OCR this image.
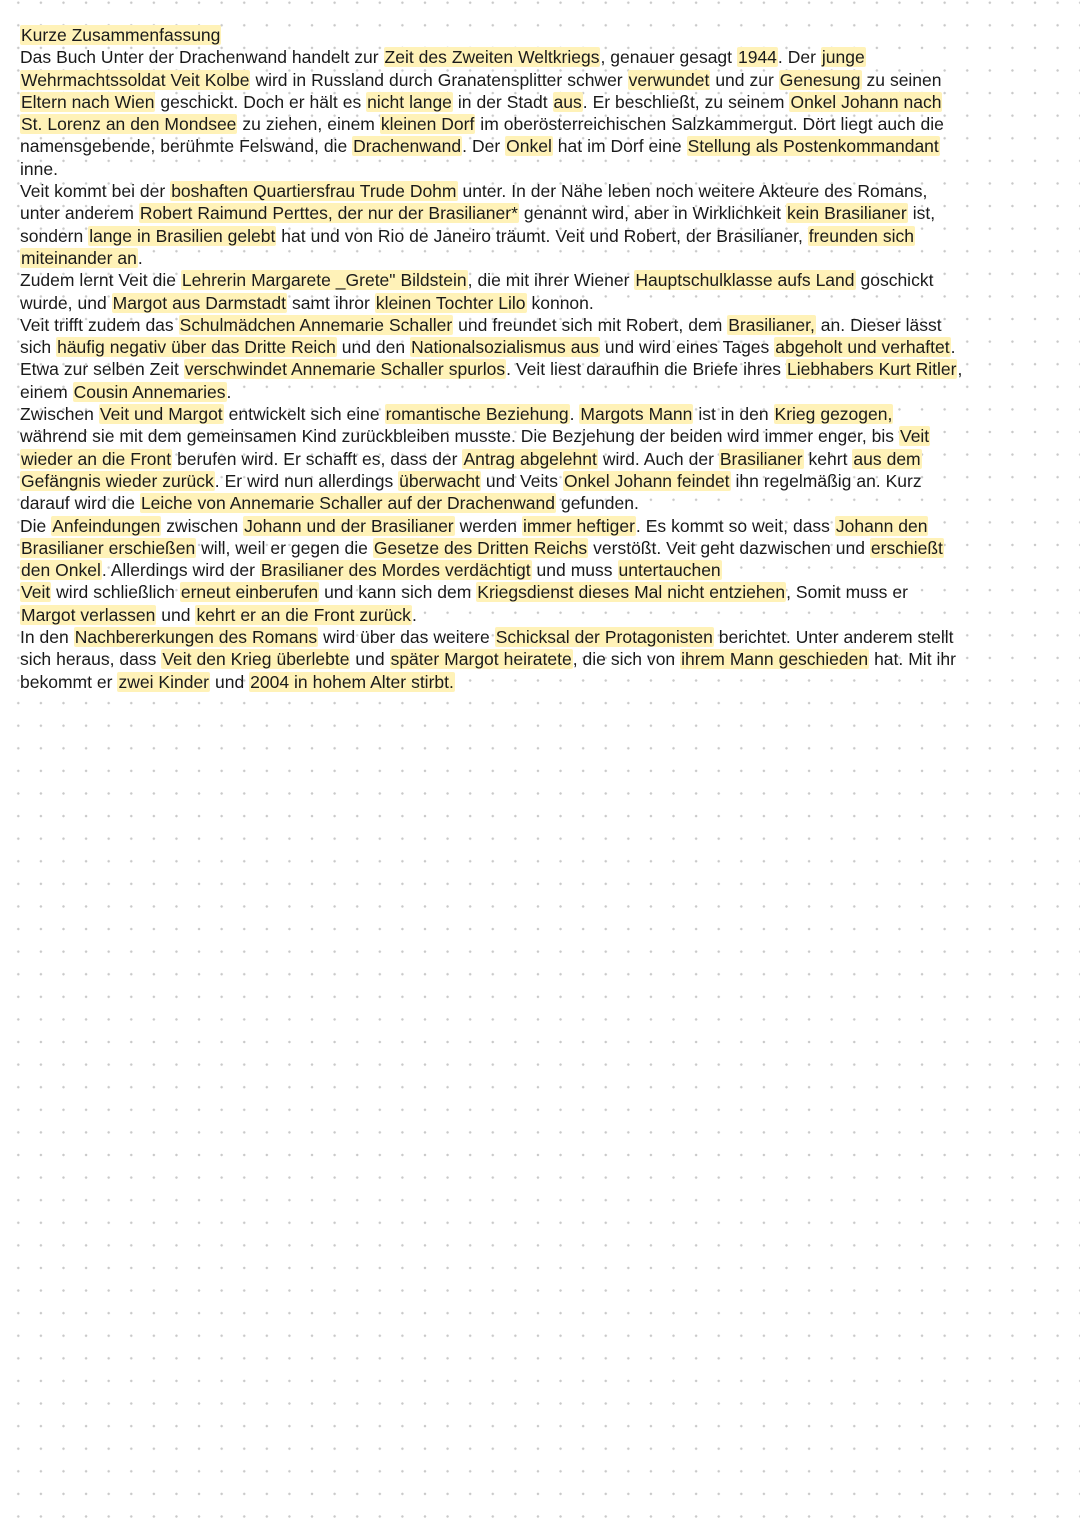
Kurze Zusammenfassung

Das Buch Unter der Drachenwand handelt zur Zeit des Zweiten Weltkriegs, genauer gesagt 1944. Der junge Wehrmachtssoldat Veit Kolbe wird in Russland durch Granatensplitter schwer verwundet und zur Genesung zu seinen Eltern nach Wien geschickt. Doch er hält es nicht lange in der Stadt aus. Er beschließt, zu seinem Onkel Johann nach St. Lorenz an den Mondsee zu ziehen, einem kleinen Dorf im oberösterreichischen Salzkammergut. Dört liegt auch die namensgebende, berühmte Felswand, die Drachenwand. Der Onkel hat im Dorf eine Stellung als Postenkommandant inne.

Veit kommt bei der boshaften Quartiersfrau Trude Dohm unter. In der Nähe leben noch weitere Akteure des Romans, unter anderem Robert Raimund Perttes, der nur der Brasilianer* genannt wird, aber in Wirklichkeit kein Brasilianer ist, sondern lange in Brasilien gelebt hat und von Rio de Janeiro träumt. Veit und Robert, der Brasilianer, freunden sich miteinander an.

Zudem lernt Veit die Lehrerin Margarete _Grete" Bildstein, die mit ihrer Wiener Hauptschulklasse aufs Land goschickt wurde, und Margot aus Darmstadt samt ihror kleinen Tochter Lilo konnon.

Veit trifft zudem das Schulmädchen Annemarie Schaller und freundet sich mit Robert, dem Brasilianer, an. Dieser lässt sich häufig negativ über das Dritte Reich und den Nationalsozialismus aus und wird eines Tages abgeholt und verhaftet. Etwa zur selben Zeit verschwindet Annemarie Schaller spurlos. Veit liest daraufhin die Briefe ihres Liebhabers Kurt Ritler, einem Cousin Annemaries.

Zwischen Veit und Margot entwickelt sich eine romantische Beziehung. Margots Mann ist in den Krieg gezogen, während sie mit dem gemeinsamen Kind zurückbleiben musste. Die Bezjehung der beiden wird immer enger, bis Veit wieder an die Front berufen wird. Er schafft es, dass der Antrag abgelehnt wird. Auch der Brasilianer kehrt aus dem Gefängnis wieder zurück. Er wird nun allerdings überwacht und Veits Onkel Johann feindet ihn regelmäßig an. Kurz darauf wird die Leiche von Annemarie Schaller auf der Drachenwand gefunden.

Die Anfeindungen zwischen Johann und der Brasilianer werden immer heftiger. Es kommt so weit, dass Johann den Brasilianer erschießen will, weil er gegen die Gesetze des Dritten Reichs verstößt. Veit geht dazwischen und erschießt den Onkel. Allerdings wird der Brasilianer des Mordes verdächtigt und muss untertauchen

Veit wird schließlich erneut einberufen und kann sich dem Kriegsdienst dieses Mal nicht entziehen, Somit muss er Margot verlassen und kehrt er an die Front zurück.

In den Nachbererkungen des Romans wird über das weitere Schicksal der Protagonisten berichtet. Unter anderem stellt sich heraus, dass Veit den Krieg überlebte und später Margot heiratete, die sich von ihrem Mann geschieden hat. Mit ihr bekommt er zwei Kinder und 2004 in hohem Alter stirbt.
